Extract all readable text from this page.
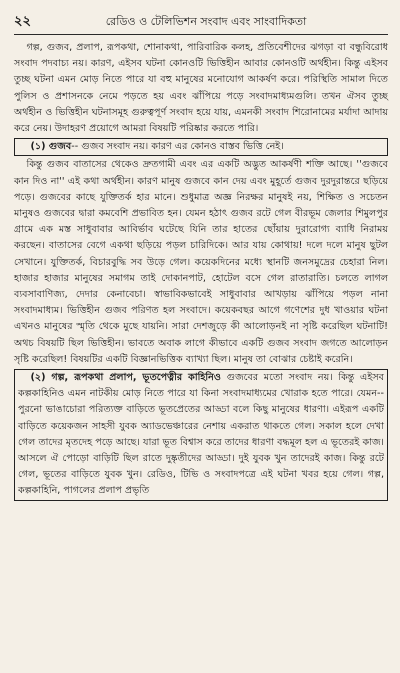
২২	রেডিও ও টেলিভিশন সংবাদ এবং সাংবাদিকতা

গল্প, গুজব, প্রলাপ, রূপকথা, শোনাকথা, পারিবারিক কলহ, প্রতিবেশীদের ঝগড়া বা বন্ধুবিরোধ সংবাদ পদবাচ্য নয়। কারণ, এইসব ঘটনা কোনওটি ভিত্তিহীন আবার কোনওটি অর্থহীন। কিন্তু এইসব তুচ্ছ ঘটনা এমন মোড় নিতে পারে যা বহু মানুষের মনোযোগ আকর্ষণ করে। পরিস্থিতি সামাল দিতে পুলিস ও প্রশাসনকে নেমে পড়তে হয় এবং ঝাঁপিয়ে পড়ে সংবাদমাধ্যমগুলি। তখন ঐসব তুচ্ছ অর্থহীন ও ভিত্তিহীন ঘটনাসমূহ গুরুত্বপূর্ণ সংবাদ হয়ে যায়, এমনকী সংবাদ শিরোনামের মর্যাদা আদায় করে নেয়। উদাহরণ প্রয়োগে আমরা বিষয়টি পরিষ্কার করতে পারি।

(১) গুজব-- গুজব সংবাদ নয়। কারণ এর কোনও বাস্তব ভিত্তি নেই।

কিন্তু গুজব বাতাসের থেকেও দ্রুতগামী এবং এর একটি অদ্ভুত আকর্ষণী শক্তি আছে। ''গুজবে কান দিও না'' এই কথা অর্থহীন। কারণ মানুষ গুজবে কান দেয় এবং মুহূর্তে গুজব দুরদুরান্তরে ছড়িয়ে পড়ে। গুজবের কাছে যুক্তিতর্ক হার মানে। শুধুমাত্র অজ্ঞ নিরক্ষর মানুষই নয়, শিক্ষিত ও সচেতন মানুষও গুজবের দ্বারা কমবেশি প্রভাবিত হন। যেমন হঠাৎ গুজব রটে গেল বীরভূম জেলার শিমুলপুর গ্রামে এক মস্ত সাধুবাবার আবির্ভাব ঘটেছে যিনি তার হাতের ছোঁয়ায় দুরারোগ্য ব্যাধি নিরাময় করছেন। বাতাসের বেগে একথা ছড়িয়ে পড়ল চারিদিকে। আর যায় কোথায়! দলে দলে মানুষ ছুটল সেখানে। যুক্তিতর্ক, বিচারবুদ্ধি সব উড়ে গেল। কয়েকদিনের মধ্যে স্থানটি জনসমুদ্রের চেহারা নিল। হাজার হাজার মানুষের সমাগম তাই দোকানপাট, হোটেল বসে গেল রাতারাতি। চলতে লাগল ব্যবসাবাণিজ্য, দেদার কেনাবেচা। স্বাভাবিকভাবেই সাধুবাবার আখড়ায় ঝাঁপিয়ে পড়ল নানা সংবাদমাধ্যম। ভিত্তিহীন গুজব পরিণত হল সংবাদে। কয়েকবছর আগে গণেশের দুধ খাওয়ার ঘটনা এখনও মানুষের স্মৃতি থেকে মুছে যায়নি। সারা দেশজুড়ে কী আলোড়নই না সৃষ্টি করেছিল ঘটনাটি! অথচ বিষয়টি ছিল ভিত্তিহীন। ভাবতে অবাক লাগে কীভাবে একটি গুজব সংবাদ জগতে আলোড়ন সৃষ্টি করেছিল! বিষয়টির একটি বিজ্ঞানভিত্তিক ব্যাখ্যা ছিল। মানুষ তা বোঝার চেষ্টাই করেনি।

(২) গল্প, রূপকথা প্রলাপ, ভূতপেত্নীর কাহিনিও গুজবের মতো সংবাদ নয়। কিন্তু এইসব কল্পকাহিনিও এমন নাটকীয় মোড় নিতে পারে যা কিনা সংবাদমাধ্যমের খোরাক হতে পারে। যেমন-- পুরনো ভাঙাচোরা পরিত্যক্ত বাড়িতে ভূতপ্রেতের আড্ডা বলে কিছু মানুষের ধারণা। এইরূপ একটি বাড়িতে কয়েকজন সাহসী যুবক অ্যাডভেঞ্চারের নেশায় একরাত থাকতে গেল। সকাল হলে দেখা গেল তাদের মৃতদেহ পড়ে আছে। যারা ভূত বিশ্বাস করে তাদের ধারণা বদ্ধমূল হল এ ভূতেরই কাজ। আসলে ঐ পোড়ো বাড়িটি ছিল রাতে দুষ্কৃতীদের আড্ডা। দুই যুবক খুন তাদেরই কাজ। কিন্তু রটে গেল, ভূতের বাড়িতে যুবক খুন। রেডিও, টিভি ও সংবাদপত্রে এই ঘটনা খবর হয়ে গেল। গল্প, কল্পকাহিনি, পাগলের প্রলাপ প্রভৃতি
